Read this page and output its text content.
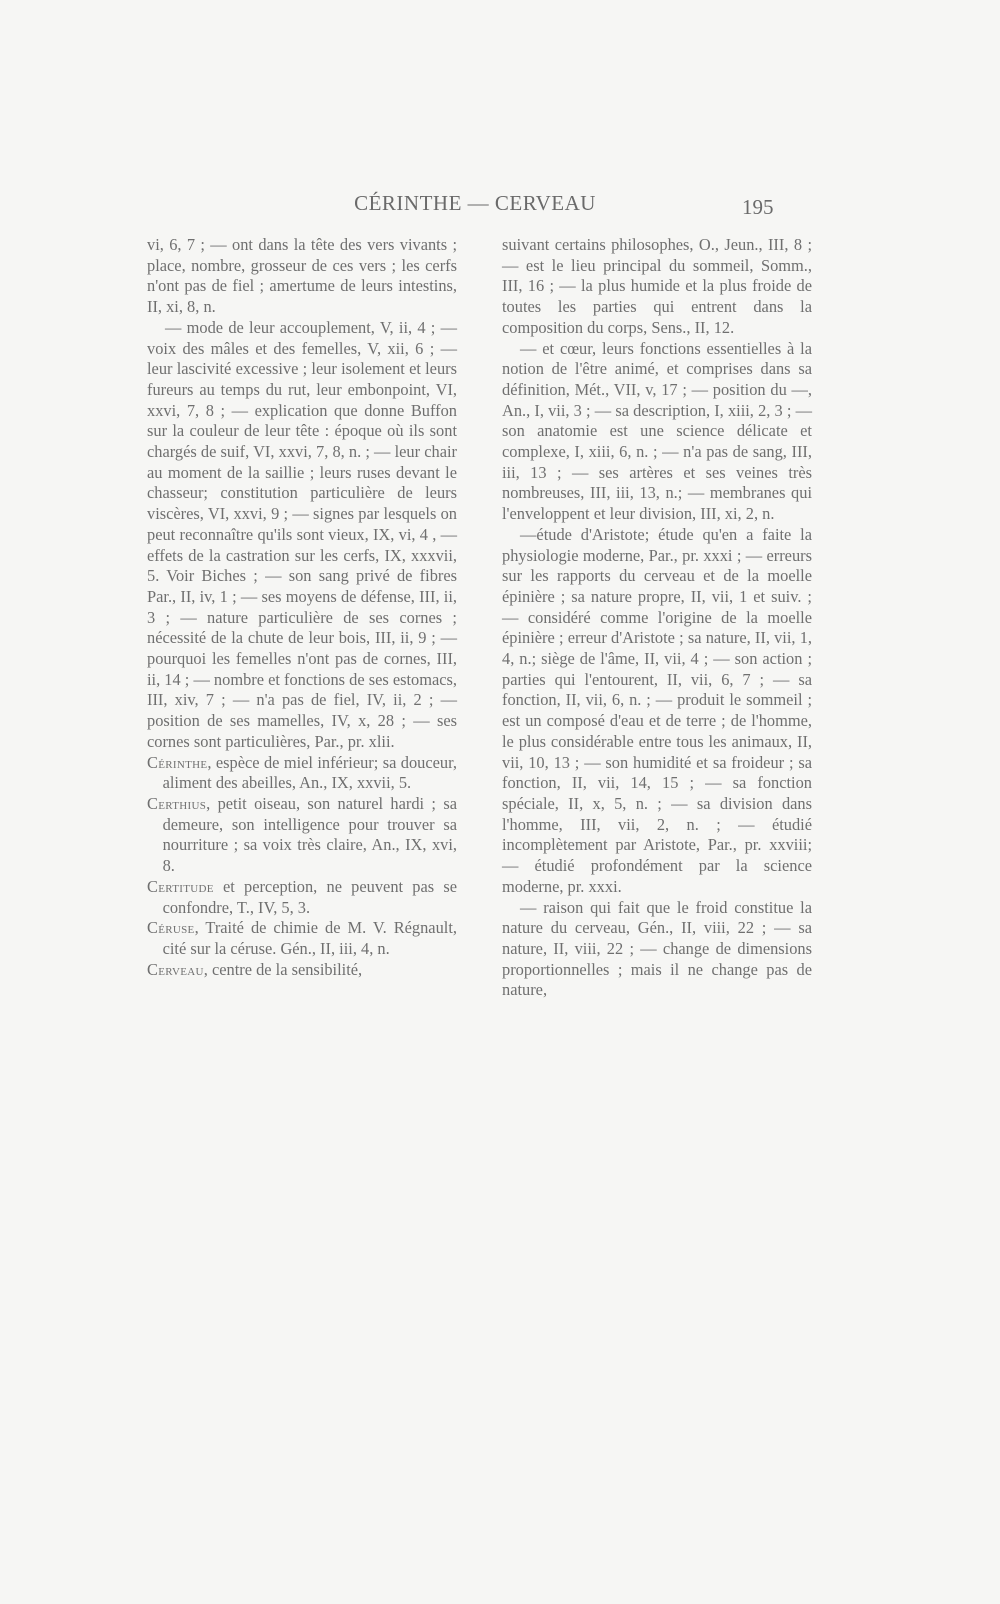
CÉRINTHE — CERVEAU	195

vi, 6, 7 ; — ont dans la tête des vers vivants ; place, nombre, grosseur de ces vers ; les cerfs n'ont pas de fiel ; amertume de leurs intestins, II, xi, 8, n.

— mode de leur accouplement, V, ii, 4 ; — voix des mâles et des femelles, V, xii, 6 ; — leur lascivité excessive ; leur isolement et leurs fureurs au temps du rut, leur embonpoint, VI, xxvi, 7, 8 ; — explication que donne Buffon sur la couleur de leur tête : époque où ils sont chargés de suif, VI, xxvi, 7, 8, n. ; — leur chair au moment de la saillie ; leurs ruses devant le chasseur; constitution particulière de leurs viscères, VI, xxvi, 9 ; — signes par lesquels on peut reconnaître qu'ils sont vieux, IX, vi, 4 , — effets de la castration sur les cerfs, IX, xxxvii, 5. Voir Biches ; — son sang privé de fibres Par., II, iv, 1 ; — ses moyens de défense, III, ii, 3 ; — nature particulière de ses cornes ; nécessité de la chute de leur bois, III, ii, 9 ; — pourquoi les femelles n'ont pas de cornes, III, ii, 14 ; — nombre et fonctions de ses estomacs, III, xiv, 7 ; — n'a pas de fiel, IV, ii, 2 ; — position de ses mamelles, IV, x, 28 ; — ses cornes sont particulières, Par., pr. xlii.

Cérinthe, espèce de miel inférieur; sa douceur, aliment des abeilles, An., IX, xxvii, 5.

Certhius, petit oiseau, son naturel hardi ; sa demeure, son intelligence pour trouver sa nourriture ; sa voix très claire, An., IX, xvi, 8.

Certitude et perception, ne peuvent pas se confondre, T., IV, 5, 3.

Céruse, Traité de chimie de M. V. Régnault, cité sur la céruse. Gén., II, iii, 4, n.

Cerveau, centre de la sensibilité,

suivant certains philosophes, O., Jeun., III, 8 ; — est le lieu principal du sommeil, Somm., III, 16 ; — la plus humide et la plus froide de toutes les parties qui entrent dans la composition du corps, Sens., II, 12.

— et cœur, leurs fonctions essentielles à la notion de l'être animé, et comprises dans sa définition, Mét., VII, v, 17 ; — position du —, An., I, vii, 3 ; — sa description, I, xiii, 2, 3 ; — son anatomie est une science délicate et complexe, I, xiii, 6, n. ; — n'a pas de sang, III, iii, 13 ; — ses artères et ses veines très nombreuses, III, iii, 13, n.; — membranes qui l'enveloppent et leur division, III, xi, 2, n.

—étude d'Aristote; étude qu'en a faite la physiologie moderne, Par., pr. xxxi ; — erreurs sur les rapports du cerveau et de la moelle épinière ; sa nature propre, II, vii, 1 et suiv. ; — considéré comme l'origine de la moelle épinière ; erreur d'Aristote ; sa nature, II, vii, 1, 4, n.; siège de l'âme, II, vii, 4 ; — son action ; parties qui l'entourent, II, vii, 6, 7 ; — sa fonction, II, vii, 6, n. ; — produit le sommeil ; est un composé d'eau et de terre ; de l'homme, le plus considérable entre tous les animaux, II, vii, 10, 13 ; — son humidité et sa froideur ; sa fonction, II, vii, 14, 15 ; — sa fonction spéciale, II, x, 5, n. ; — sa division dans l'homme, III, vii, 2, n. ; — étudié incomplètement par Aristote, Par., pr. xxviii; — étudié profondément par la science moderne, pr. xxxi.

— raison qui fait que le froid constitue la nature du cerveau, Gén., II, viii, 22 ; — sa nature, II, viii, 22 ; — change de dimensions proportionnelles ; mais il ne change pas de nature,
